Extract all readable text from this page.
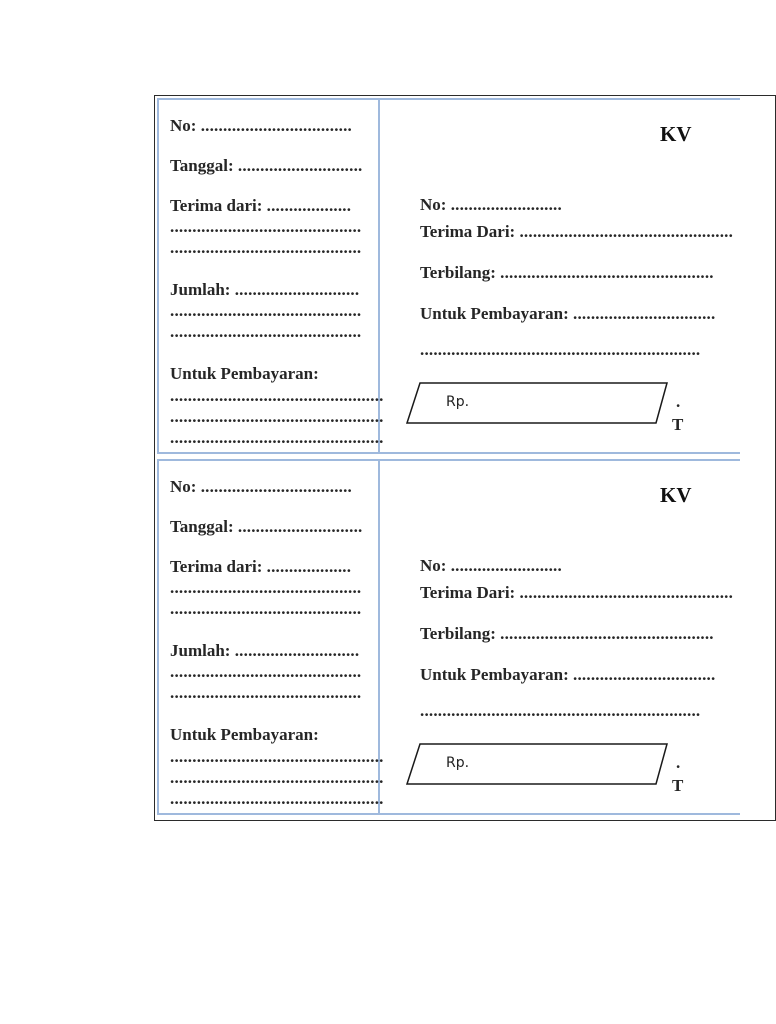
No: ..................................
Tanggal: ............................
Terima dari: ...................
...........................................
...........................................
Jumlah: ............................
...........................................
...........................................
Untuk Pembayaran:
................................................
................................................
................................................
KV
No: .........................
Terima Dari: ................................................
Terbilang: ................................................
Untuk Pembayaran: ................................
...............................................................
Rp.	.
T
No: ..................................
Tanggal: ............................
Terima dari: ...................
...........................................
...........................................
Jumlah: ............................
...........................................
...........................................
Untuk Pembayaran:
................................................
................................................
................................................
KV
No: .........................
Terima Dari: ................................................
Terbilang: ................................................
Untuk Pembayaran: ................................
...............................................................
Rp.	.
T
